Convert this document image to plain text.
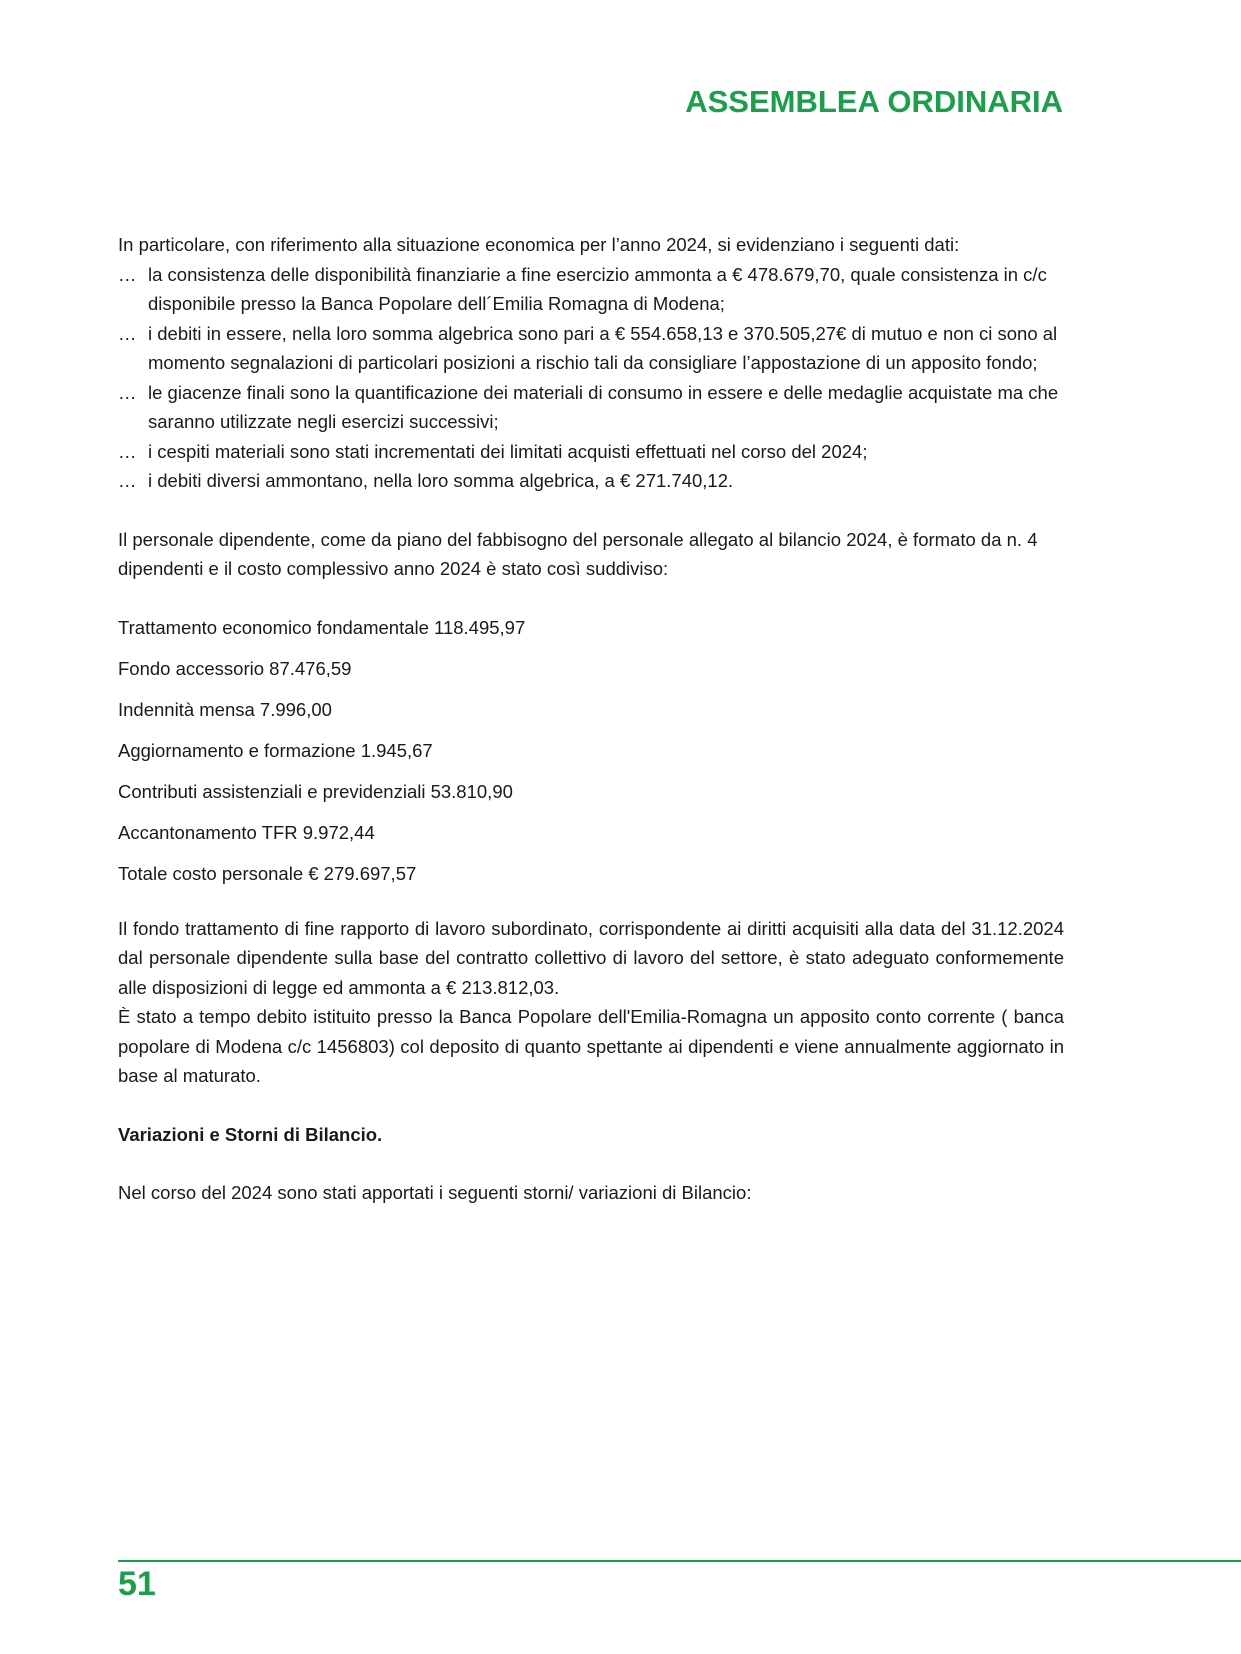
ASSEMBLEA ORDINARIA

In particolare, con riferimento alla situazione economica per l’anno 2024, si evidenziano i seguenti dati:

… la consistenza delle disponibilità finanziarie a fine esercizio ammonta a € 478.679,70, quale consistenza in c/c disponibile presso la Banca Popolare dell´Emilia Romagna di Modena;
… i debiti in essere, nella loro somma algebrica sono pari a € 554.658,13 e 370.505,27€ di mutuo e non ci sono al momento segnalazioni di particolari posizioni a rischio tali da consigliare l’appostazione di un apposito fondo;
… le giacenze finali sono la quantificazione dei materiali di consumo in essere e delle medaglie acquistate ma che saranno utilizzate negli esercizi successivi;
… i cespiti materiali sono stati incrementati dei limitati acquisti effettuati nel corso del 2024;
… i debiti diversi ammontano, nella loro somma algebrica, a € 271.740,12.

Il personale dipendente, come da piano del fabbisogno del personale allegato al bilancio 2024, è formato da n. 4 dipendenti e il costo complessivo anno 2024 è stato così suddiviso:

Trattamento economico fondamentale 118.495,97
Fondo accessorio 87.476,59
Indennità mensa 7.996,00
Aggiornamento e formazione 1.945,67
Contributi assistenziali e previdenziali 53.810,90
Accantonamento TFR 9.972,44
Totale costo personale € 279.697,57

Il fondo trattamento di fine rapporto di lavoro subordinato, corrispondente ai diritti acquisiti alla data del 31.12.2024 dal personale dipendente sulla base del contratto collettivo di lavoro del settore, è stato adeguato conformemente alle disposizioni di legge ed ammonta a € 213.812,03.

È stato a tempo debito istituito presso la Banca Popolare dell'Emilia-Romagna un apposito conto corrente ( banca popolare di Modena c/c 1456803) col deposito di quanto spettante ai dipendenti e viene annualmente aggiornato in base al maturato.

Variazioni e Storni di Bilancio.

Nel corso del 2024 sono stati apportati i seguenti storni/ variazioni di Bilancio:

51
